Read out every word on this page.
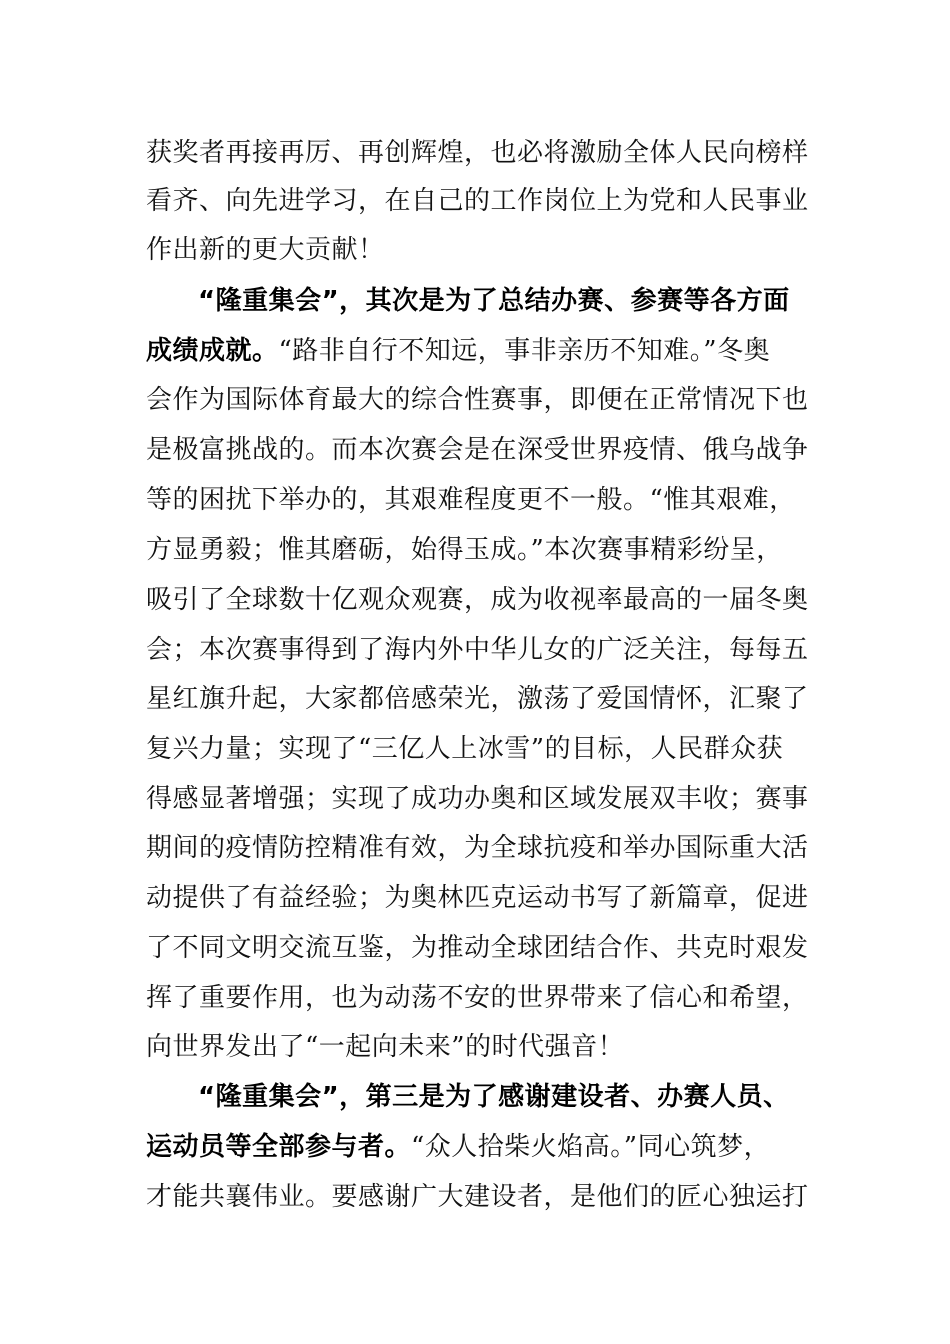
获奖者再接再厉、再创辉煌，也必将激励全体人民向榜样
看齐、向先进学习，在自己的工作岗位上为党和人民事业
作出新的更大贡献！
“隆重集会”，其次是为了总结办赛、参赛等各方面
成绩成就。“路非自行不知远，事非亲历不知难。”冬奥
会作为国际体育最大的综合性赛事，即便在正常情况下也
是极富挑战的。而本次赛会是在深受世界疫情、俄乌战争
等的困扰下举办的，其艰难程度更不一般。“惟其艰难，
方显勇毅；惟其磨砺，始得玉成。”本次赛事精彩纷呈，
吸引了全球数十亿观众观赛，成为收视率最高的一届冬奥
会；本次赛事得到了海内外中华儿女的广泛关注，每每五
星红旗升起，大家都倍感荣光，激荡了爱国情怀，汇聚了
复兴力量；实现了“三亿人上冰雪”的目标，人民群众获
得感显著增强；实现了成功办奥和区域发展双丰收；赛事
期间的疫情防控精准有效，为全球抗疫和举办国际重大活
动提供了有益经验；为奥林匹克运动书写了新篇章，促进
了不同文明交流互鉴，为推动全球团结合作、共克时艰发
挥了重要作用，也为动荡不安的世界带来了信心和希望，
向世界发出了“一起向未来”的时代强音！
“隆重集会”，第三是为了感谢建设者、办赛人员、
运动员等全部参与者。“众人拾柴火焰高。”同心筑梦，
才能共襄伟业。要感谢广大建设者，是他们的匠心独运打
